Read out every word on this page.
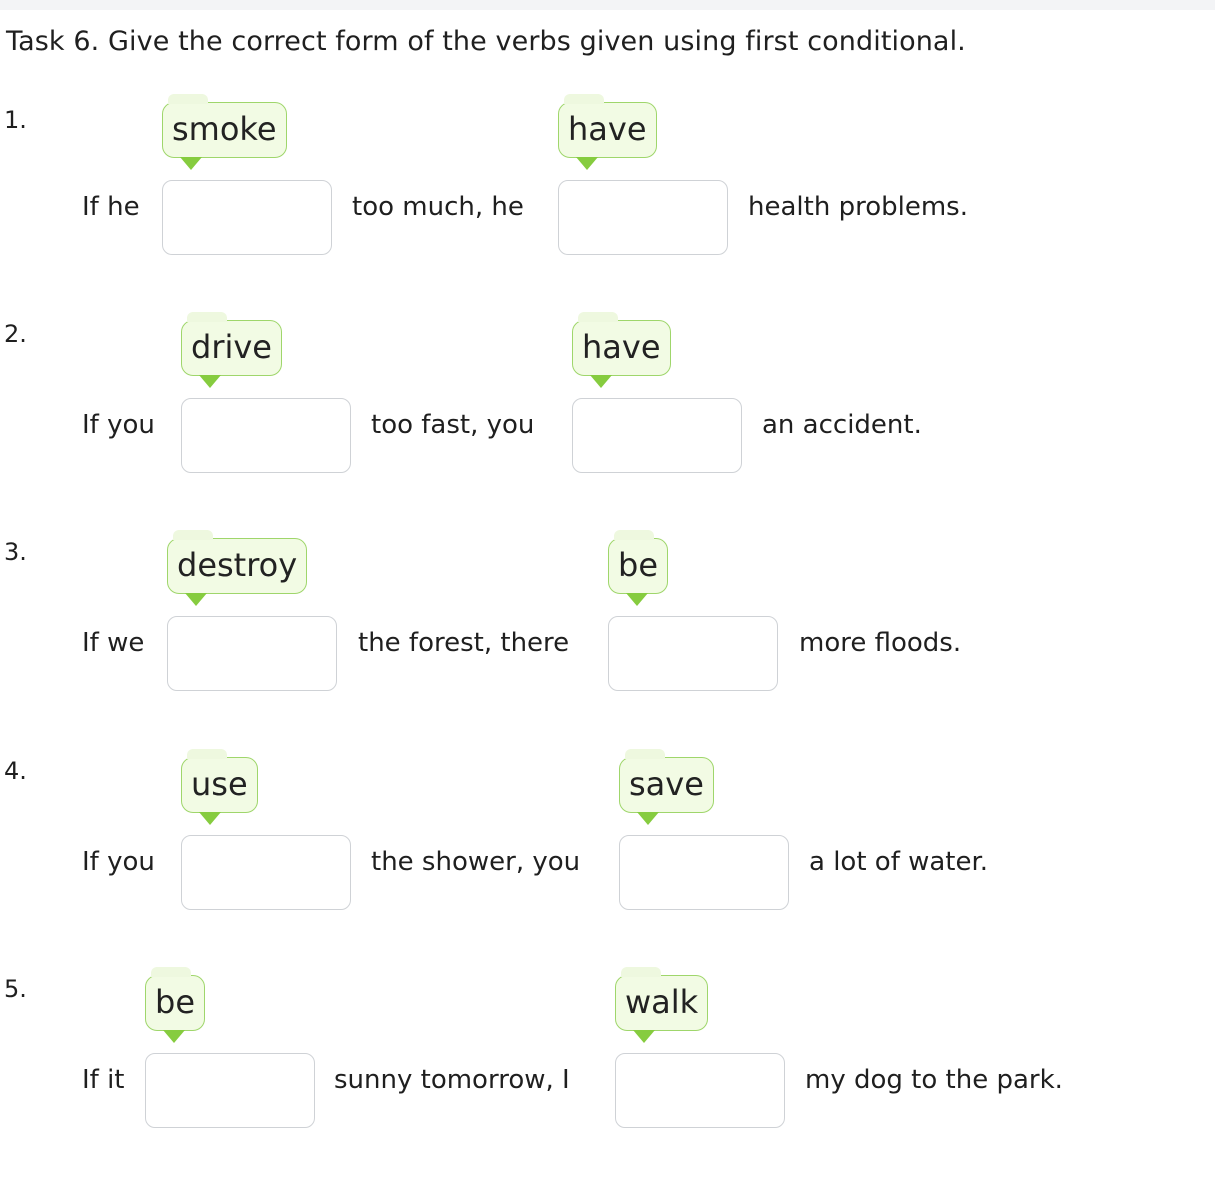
Task 6. Give the correct form of the verbs given using first conditional.
1.	smoke	have
If he	too much, he	health problems.
2.	drive	have
If you	too fast, you	an accident.
3.	destroy	be
If we	the forest, there	more floods.
4.	use	save
If you	the shower, you	a lot of water.
5.	be	walk
If it	sunny tomorrow, I	my dog to the park.
